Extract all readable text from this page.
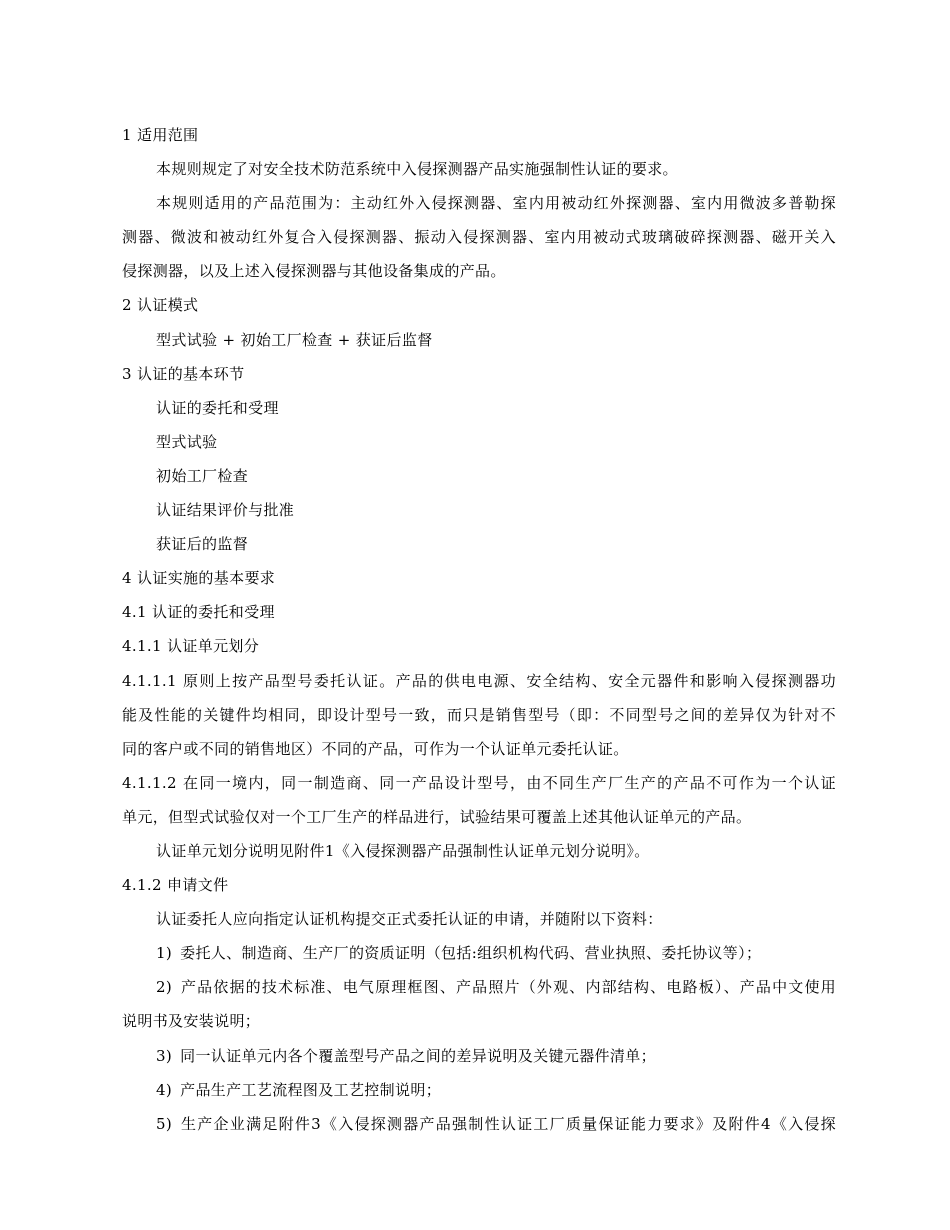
1 适用范围
本规则规定了对安全技术防范系统中入侵探测器产品实施强制性认证的要求。
本规则适用的产品范围为：主动红外入侵探测器、室内用被动红外探测器、室内用微波多普勒探
测器、微波和被动红外复合入侵探测器、振动入侵探测器、室内用被动式玻璃破碎探测器、磁开关入
侵探测器，以及上述入侵探测器与其他设备集成的产品。
2 认证模式
型式试验 + 初始工厂检查 + 获证后监督
3 认证的基本环节
认证的委托和受理
型式试验
初始工厂检查
认证结果评价与批准
获证后的监督
4 认证实施的基本要求
4.1 认证的委托和受理
4.1.1 认证单元划分
4.1.1.1 原则上按产品型号委托认证。产品的供电电源、安全结构、安全元器件和影响入侵探测器功
能及性能的关键件均相同，即设计型号一致，而只是销售型号（即：不同型号之间的差异仅为针对不
同的客户或不同的销售地区）不同的产品，可作为一个认证单元委托认证。
4.1.1.2 在同一境内，同一制造商、同一产品设计型号，由不同生产厂生产的产品不可作为一个认证
单元，但型式试验仅对一个工厂生产的样品进行，试验结果可覆盖上述其他认证单元的产品。
认证单元划分说明见附件1《入侵探测器产品强制性认证单元划分说明》。
4.1.2 申请文件
认证委托人应向指定认证机构提交正式委托认证的申请，并随附以下资料：
1) 委托人、制造商、生产厂的资质证明（包括:组织机构代码、营业执照、委托协议等）；
2) 产品依据的技术标准、电气原理框图、产品照片（外观、内部结构、电路板）、产品中文使用
说明书及安装说明；
3) 同一认证单元内各个覆盖型号产品之间的差异说明及关键元器件清单；
4) 产品生产工艺流程图及工艺控制说明；
5) 生产企业满足附件3《入侵探测器产品强制性认证工厂质量保证能力要求》及附件4《入侵探
